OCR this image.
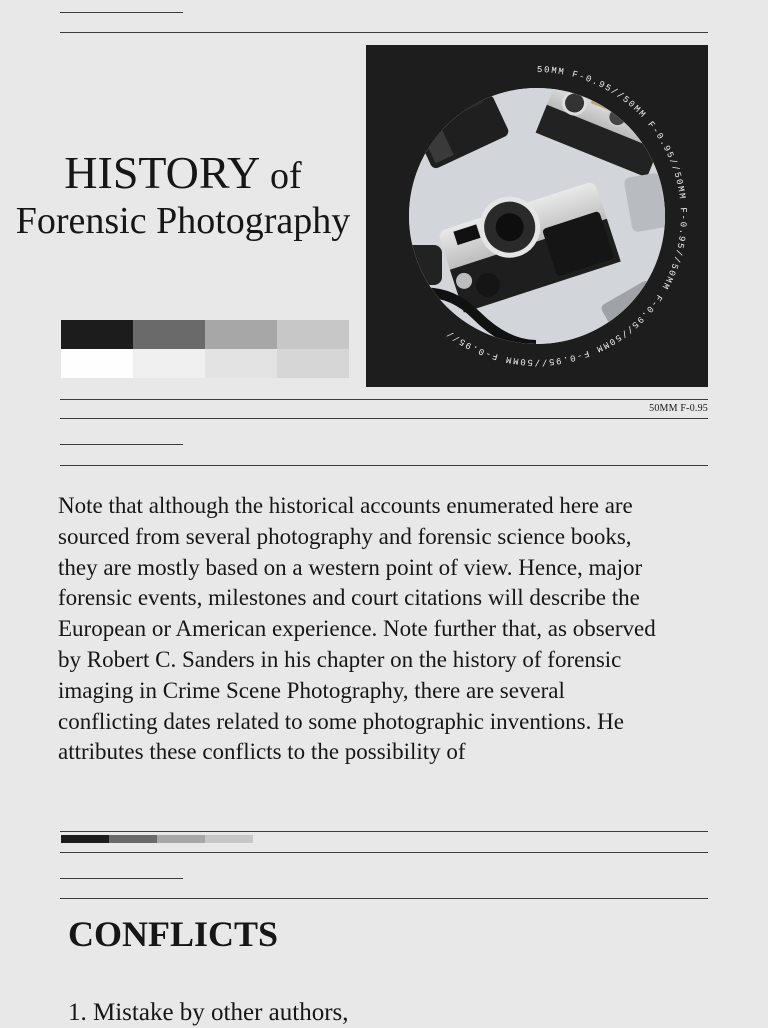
HISTORY of
Forensic Photography
50MM F-0.95//50MM F-0.95//50MM F-0.95//50MM F-0.95//50MM F-0.95//50MM F-0.95//
50MM F-0.95

Note that although the historical accounts enumerated here are
sourced from several photography and forensic science books,
they are mostly based on a western point of view. Hence, major
forensic events, milestones and court citations will describe the
European or American experience. Note further that, as observed
by Robert C. Sanders in his chapter on the history of forensic
imaging in Crime Scene Photography, there are several
conflicting dates related to some photographic inventions. He
attributes these conflicts to the possibility of

CONFLICTS

1. Mistake by other authors,
